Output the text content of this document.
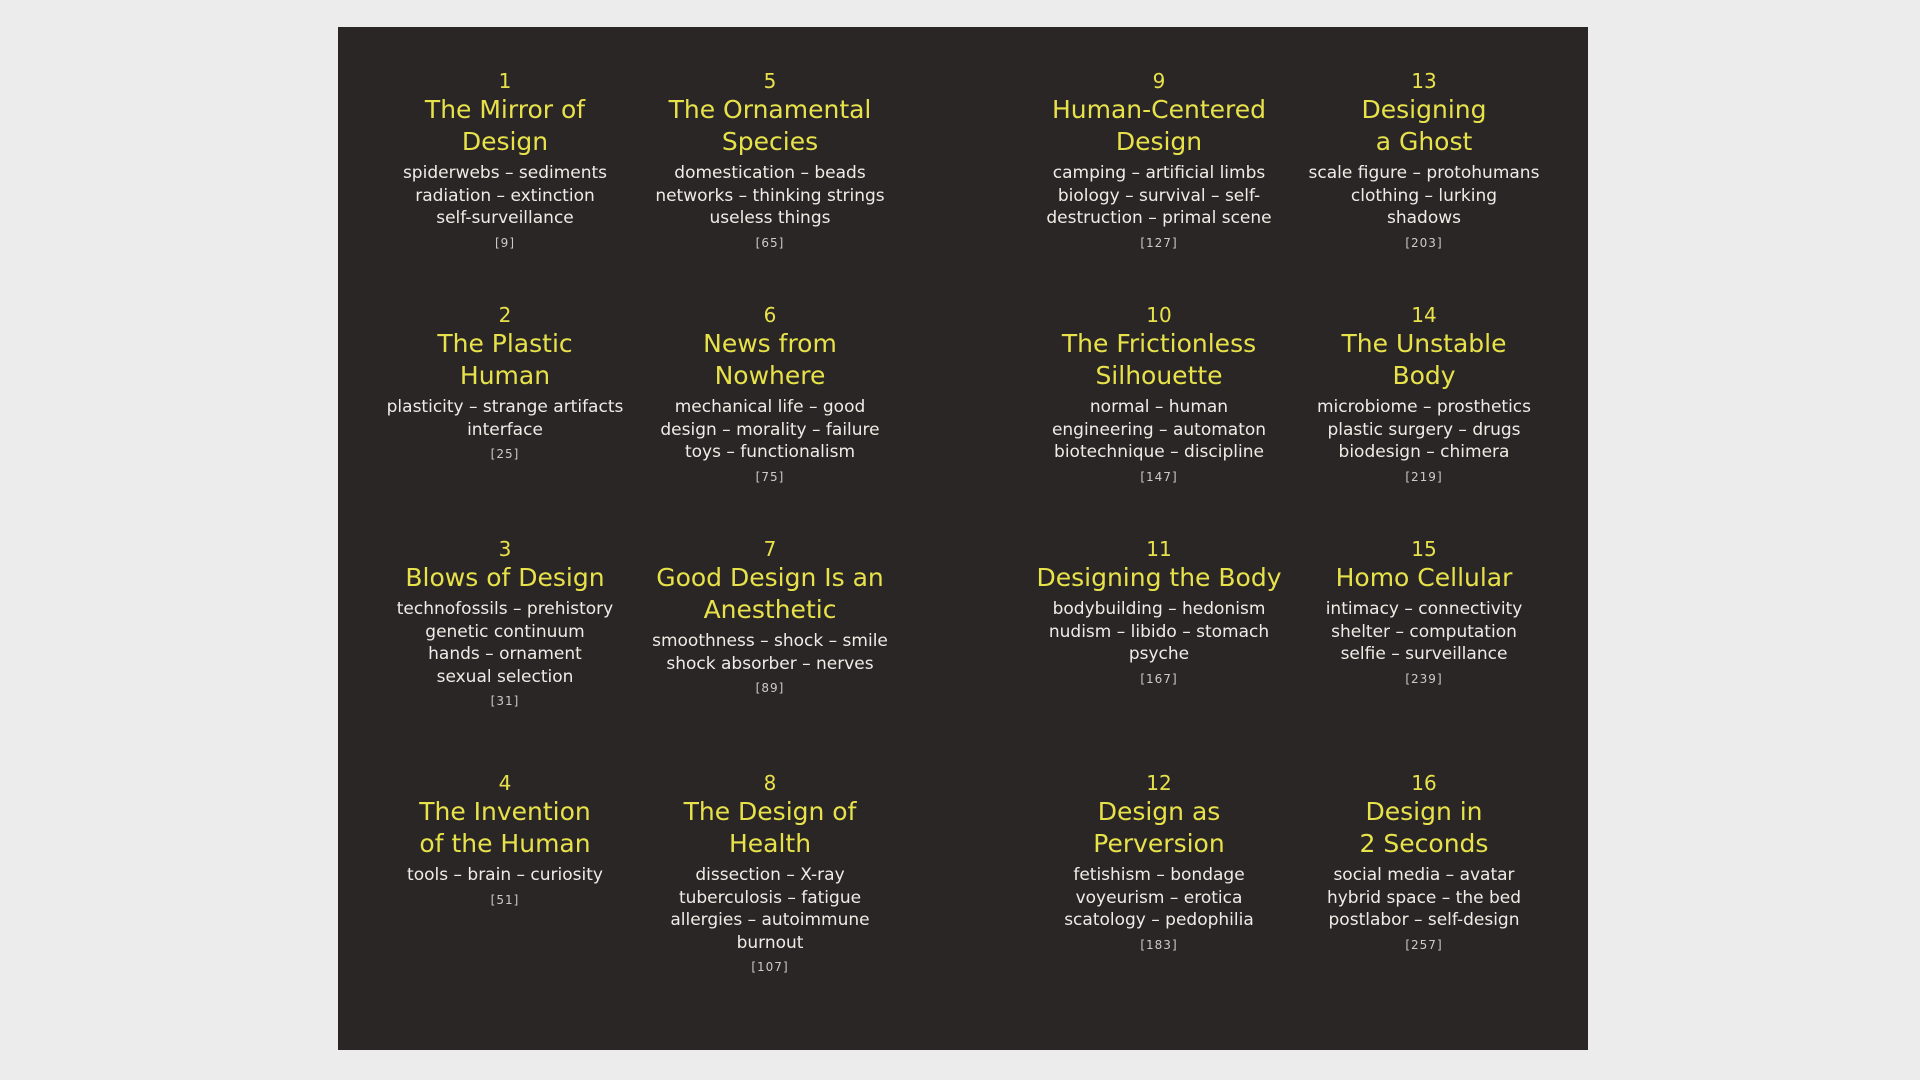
1
The Mirror of
Design
spiderwebs – sediments
radiation – extinction
self-surveillance
[9]
2
The Plastic
Human
plasticity – strange artifacts
interface
[25]
3
Blows of Design
technofossils – prehistory
genetic continuum
hands – ornament
sexual selection
[31]
4
The Invention
of the Human
tools – brain – curiosity
[51]
5
The Ornamental
Species
domestication – beads
networks – thinking strings
useless things
[65]
6
News from
Nowhere
mechanical life – good
design – morality – failure
toys – functionalism
[75]
7
Good Design Is an
Anesthetic
smoothness – shock – smile
shock absorber – nerves
[89]
8
The Design of
Health
dissection – X-ray
tuberculosis – fatigue
allergies – autoimmune
burnout
[107]
9
Human-Centered
Design
camping – artificial limbs
biology – survival – self-
destruction – primal scene
[127]
10
The Frictionless
Silhouette
normal – human
engineering – automaton
biotechnique – discipline
[147]
11
Designing the Body
bodybuilding – hedonism
nudism – libido – stomach
psyche
[167]
12
Design as Perversion
fetishism – bondage
voyeurism – erotica
scatology – pedophilia
[183]
13
Designing
a Ghost
scale figure – protohumans
clothing – lurking
shadows
[203]
14
The Unstable
Body
microbiome – prosthetics
plastic surgery – drugs
biodesign – chimera
[219]
15
Homo Cellular
intimacy – connectivity
shelter – computation
selfie – surveillance
[239]
16
Design in
2 Seconds
social media – avatar
hybrid space – the bed
postlabor – self-design
[257]
